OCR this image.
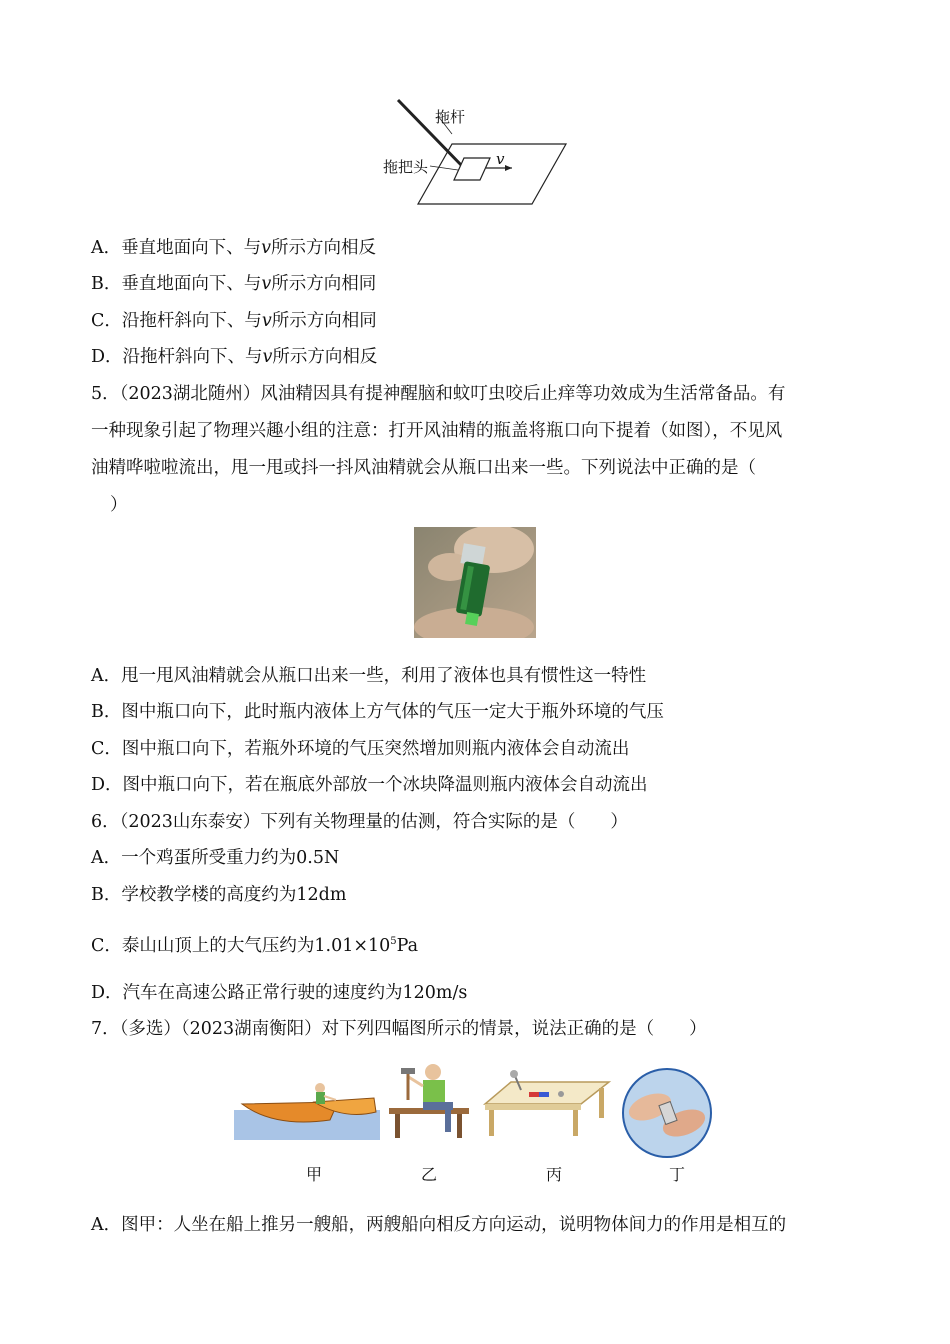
拖杆
拖把头	v
A．垂直地面向下、与v所示方向相反
B．垂直地面向下、与v所示方向相同
C．沿拖杆斜向下、与v所示方向相同
D．沿拖杆斜向下、与v所示方向相反
5．（2023湖北随州）风油精因具有提神醒脑和蚊叮虫咬后止痒等功效成为生活常备品。有
一种现象引起了物理兴趣小组的注意：打开风油精的瓶盖将瓶口向下提着（如图），不见风
油精哗啦啦流出，甩一甩或抖一抖风油精就会从瓶口出来一些。下列说法中正确的是（
）
A．甩一甩风油精就会从瓶口出来一些，利用了液体也具有惯性这一特性
B．图中瓶口向下，此时瓶内液体上方气体的气压一定大于瓶外环境的气压
C．图中瓶口向下，若瓶外环境的气压突然增加则瓶内液体会自动流出
D．图中瓶口向下，若在瓶底外部放一个冰块降温则瓶内液体会自动流出
6．（2023山东泰安）下列有关物理量的估测，符合实际的是（　　）
A．一个鸡蛋所受重力约为0.5N
B．学校教学楼的高度约为12dm
C．泰山山顶上的大气压约为$1.01\times 10^5Pa$
D．汽车在高速公路正常行驶的速度约为120m/s
7．（多选）（2023湖南衡阳）对下列四幅图所示的情景，说法正确的是（　　）
甲	乙	丙	丁
A．图甲：人坐在船上推另一艘船，两艘船向相反方向运动，说明物体间力的作用是相互的
